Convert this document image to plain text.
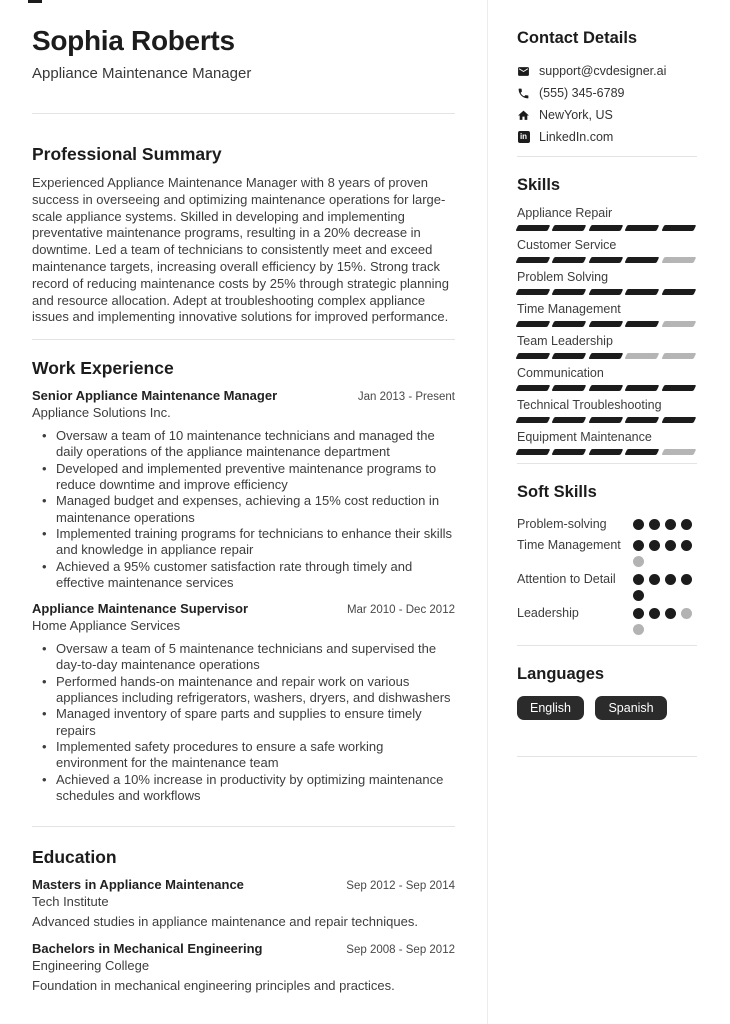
Sophia Roberts
Appliance Maintenance Manager
Professional Summary

Experienced Appliance Maintenance Manager with 8 years of proven success in overseeing and optimizing maintenance operations for large-scale appliance systems. Skilled in developing and implementing preventative maintenance programs, resulting in a 20% decrease in downtime. Led a team of technicians to consistently meet and exceed maintenance targets, increasing overall efficiency by 15%. Strong track record of reducing maintenance costs by 25% through strategic planning and resource allocation. Adept at troubleshooting complex appliance issues and implementing innovative solutions for improved performance.

Work Experience
Senior Appliance Maintenance Manager	Jan 2013 - Present
Appliance Solutions Inc.
• Oversaw a team of 10 maintenance technicians and managed the daily operations of the appliance maintenance department
• Developed and implemented preventive maintenance programs to reduce downtime and improve efficiency
• Managed budget and expenses, achieving a 15% cost reduction in maintenance operations
• Implemented training programs for technicians to enhance their skills and knowledge in appliance repair
• Achieved a 95% customer satisfaction rate through timely and effective maintenance services
Appliance Maintenance Supervisor	Mar 2010 - Dec 2012
Home Appliance Services
• Oversaw a team of 5 maintenance technicians and supervised the day-to-day maintenance operations
• Performed hands-on maintenance and repair work on various appliances including refrigerators, washers, dryers, and dishwashers
• Managed inventory of spare parts and supplies to ensure timely repairs
• Implemented safety procedures to ensure a safe working environment for the maintenance team
• Achieved a 10% increase in productivity by optimizing maintenance schedules and workflows
Education
Masters in Appliance Maintenance	Sep 2012 - Sep 2014
Tech Institute
Advanced studies in appliance maintenance and repair techniques.
Bachelors in Mechanical Engineering	Sep 2008 - Sep 2012
Engineering College
Foundation in mechanical engineering principles and practices.
Contact Details
support@cvdesigner.ai
(555) 345-6789
NewYork, US
in LinkedIn.com
Skills
Appliance Repair
Customer Service
Problem Solving
Time Management
Team Leadership
Communication
Technical Troubleshooting
Equipment Maintenance
Soft Skills
Problem-solving
Time Management
Attention to Detail
Leadership
Languages
English	Spanish
